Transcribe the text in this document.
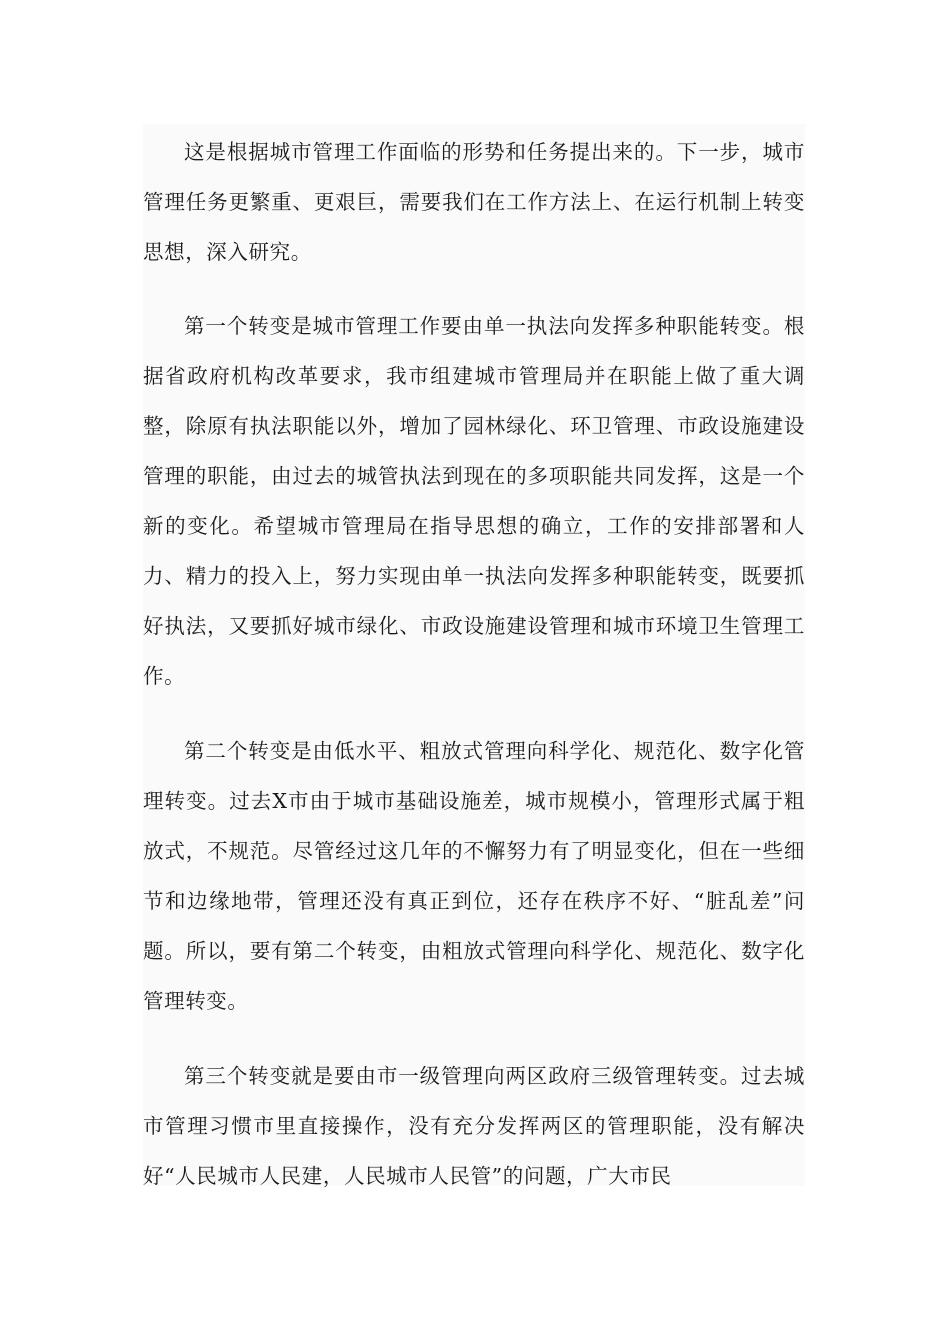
这是根据城市管理工作面临的形势和任务提出来的。下一步，城市管理任务更繁重、更艰巨，需要我们在工作方法上、在运行机制上转变思想，深入研究。

第一个转变是城市管理工作要由单一执法向发挥多种职能转变。根据省政府机构改革要求，我市组建城市管理局并在职能上做了重大调整，除原有执法职能以外，增加了园林绿化、环卫管理、市政设施建设管理的职能，由过去的城管执法到现在的多项职能共同发挥，这是一个新的变化。希望城市管理局在指导思想的确立，工作的安排部署和人力、精力的投入上，努力实现由单一执法向发挥多种职能转变，既要抓好执法，又要抓好城市绿化、市政设施建设管理和城市环境卫生管理工作。

第二个转变是由低水平、粗放式管理向科学化、规范化、数字化管理转变。过去X市由于城市基础设施差，城市规模小，管理形式属于粗放式，不规范。尽管经过这几年的不懈努力有了明显变化，但在一些细节和边缘地带，管理还没有真正到位，还存在秩序不好、“脏乱差”问题。所以，要有第二个转变，由粗放式管理向科学化、规范化、数字化管理转变。

第三个转变就是要由市一级管理向两区政府三级管理转变。过去城市管理习惯市里直接操作，没有充分发挥两区的管理职能，没有解决好“人民城市人民建，人民城市人民管”的问题，广大市民
